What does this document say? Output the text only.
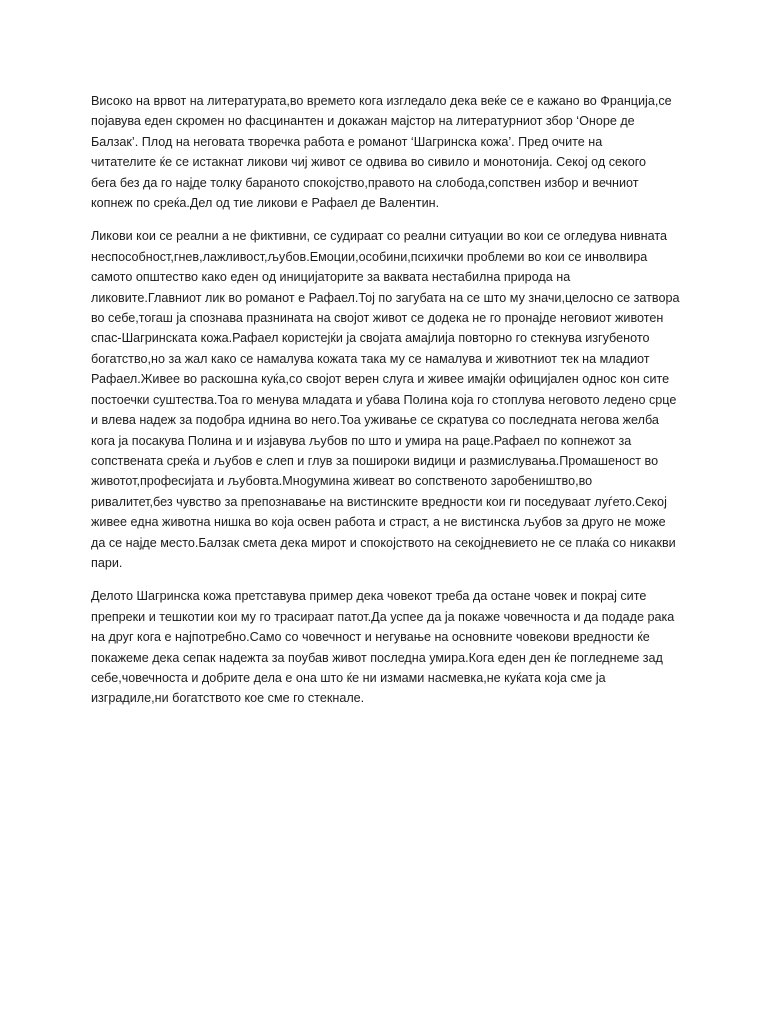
Високо на врвот на литературата,во времето кога изгледало дека веќе се е кажано во Франција,се
појавува еден скромен но фасцинантен и докажан мајстор на литературниот збор ‘Оноре де
Балзак’. Плод на неговата творечка работа е романот ‘Шагринска кожа’. Пред очите на
читателите ќе се истакнат ликови чиј живот се одвива во сивило и монотонија. Секој од секого
бега без да го најде толку бараното спокојство,правото на слобода,сопствен избор и вечниот
копнеж по среќа.Дел од тие ликови е Рафаел де Валентин.

Ликови кои се реални а не фиктивни, се судираат со реални ситуации во кои се огледува нивната
неспособност,гнев,лажливост,љубов.Емоции,особини,психички проблеми во кои се инволвира
самото општество како еден од иницијаторите за ваквата нестабилна природа на
ликовите.Главниот лик во романот е Рафаел.Тој по загубата на се што му значи,целосно се затвора
во себе,тогаш ја спознава празнината на својот живот се додека не го пронајде неговиот животен
спас-Шагринската кожа.Рафаел користејќи ја својата амајлија повторно го стекнува изгубеното
богатство,но за жал како се намалува кожата така му се намалува и животниот тек на младиот
Рафаел.Живее во раскошна куќа,со својот верен слуга и живее имајќи официјален однос кон сите
постоечки суштества.Тоа го менува младата и убава Полина која го стоплува неговото ледено срце
и влева надеж за подобра иднина во него.Тоа уживање се скратува со последната негова желба
кога ја посакува Полина и и изјавува љубов по што и умира на раце.Рафаел по копнежот за
сопствената среќа и љубов е слеп и глув за пошироки видици и размислувања.Промашеност во
животот,професијата и љубовта.Мнogумина живеат во сопственото заробеништво,во
ривалитет,без чувство за препознавање на вистинските вредности кои ги поседуваат луѓето.Секој
живее една животна нишка во која освен работа и страст, а не вистинска љубов за друго не може
да се најде место.Балзак смета дека мирот и спокојството на секојдневието не се плаќа со никакви
пари.

Делото Шагринска кожа претставува пример дека човекот треба да остане човек и покрај сите
препреки и тешкотии кои му го трасираат патот.Да успее да ја покаже човечноста и да подаде рака
на друг кога е најпотребно.Само со човечност и негување на основните човекови вредности ќе
покажеме дека сепак надежта за поубав живот последна умира.Кога еден ден ќе погледнеме зад
себе,човечноста и добрите дела е она што ќе ни измами насмевка,не куќата која сме ја
изградиле,ни богатството кое сме го стекнале.
